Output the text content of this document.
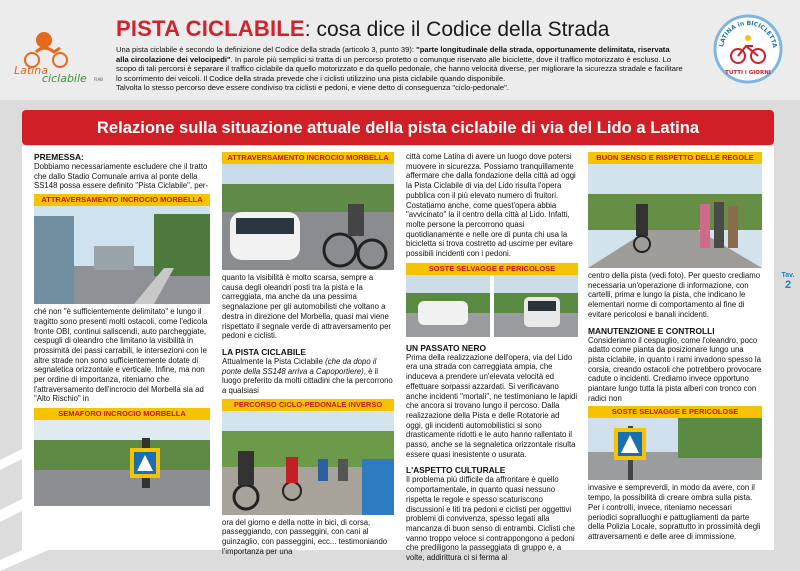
Latina
ciclabile FIAB
PISTA CICLABILE: cosa dice il Codice della Strada
Una pista ciclabile è secondo la definizione del Codice della strada (articolo 3, punto 39): "parte longitudinale della strada, opportunamente delimitata, riservata alla circolazione dei velocipedi". In parole più semplici si tratta di un percorso protetto o comunque riservato alle biciclette, dove il traffico motorizzato è escluso. Lo scopo di tali percorsi è separare il traffico ciclabile da quello motorizzato e da quello pedonale, che hanno velocità diverse, per migliorare la sicurezza stradale e facilitare lo scorrimento dei veicoli. Il Codice della strada prevede che i ciclisti utilizzino una pista ciclabile quando disponibile.
Talvolta lo stesso percorso deve essere condiviso tra ciclisti e pedoni, e viene detto di conseguenza "ciclo-pedonale".
LATINA in BICICLETTA
TUTTI i GIORNI
Relazione sulla situazione attuale della pista ciclabile di via del Lido a Latina
PREMESSA:

Dobbiamo necessariamente escludere che il tratto che dallo Stadio Comunale arriva al ponte della SS148 possa essere definito "Pista Ciclabile", per-

ATTRAVERSAMENTO INCROCIO MORBELLA

ché non "è sufficientemente delimitato" e lungo il tragitto sono presenti molti ostacoli, come l'edicola fronte OBI, continui saliscendi, auto parcheggiate, cespugli di oleandro che limitano la visibilità in prossimità dei passi carrabili, le intersezioni con le altre strade non sono sufficientemente dotate di segnaletica orizzontale e verticale. Infine, ma non per ordine di importanza, riteniamo che l'attraversamento dell'incrocio del Morbella sia ad "Alto Rischio" in

SEMAFORO INCROCIO MORBELLA
ATTRAVERSAMENTO INCROCIO MORBELLA

quanto la visibilità è molto scarsa, sempre a causa degli oleandri posti tra la pista e la carreggiata, ma anche da una pessima segnalazione per gli automobilisti che voltano a destra in direzione del Morbella, quasi mai viene rispettato il segnale verde di attraversamento per pedoni e ciclisti.

LA PISTA CICLABILE

Attualmente la Pista Ciclabile (che da dopo il ponte della SS148 arriva a Capoportiere), è il luogo preferito da molti cittadini che la percorrono a qualsiasi

PERCORSO CICLO-PEDONALE INVERSO

ora del giorno e della notte in bici, di corsa, passeggiando, con passeggini, con cani al guinzaglio, con passeggini, ecc... testimoniando l'importanza per una

città come Latina di avere un luogo dove potersi muovere in sicurezza. Possiamo tranquillamente affermare che dalla fondazione della città ad oggi la Pista Ciclabile di via del Lido risulta l'opera pubblica con il più elevato numero di fruitori. Costatiamo anche, come quest'opera abbia "avvicinato" la il centro della città al Lido. Infatti, molte persone la percorrono quasi quotidianamente e nelle ore di punta chi usa la bicicletta si trova costretto ad uscirne per evitare possibili incidenti con i pedoni.

SOSTE SELVAGGE E PERICOLOSE
UN PASSATO NERO

Prima della realizzazione dell'opera, via del Lido era una strada con carreggiata ampia, che induceva a prendere un'elevata velocità ed effettuare sorpassi azzardati. Si verificavano anche incidenti "mortali", ne testimoniano le lapidi che ancora si trovano lungo il percoso. Dalla realizzazione della Pista e delle Rotatorie ad oggi, gli incidenti automobilistici si sono drasticamente ridotti e le auto hanno rallentato il passo, anche se la segnaletica orizzontale risulta essere quasi inesistente o usurata.

L'ASPETTO CULTURALE

Il problema più difficile da affrontare è quello comportamentale, in quanto quasi nessuno rispetta le regole e spesso scaturiscono discussioni e liti tra pedoni e ciclisti per oggettivi problemi di convivenza, spesso legati alla mancanza di buon senso di entrambi. Ciclisti che vanno troppo veloce si contrappongono a pedoni che prediligono la passeggiata di gruppo e, a volte, addirittura ci si ferma al

BUON SENSO E RISPETTO DELLE REGOLE

centro della pista (vedi foto). Per questo crediamo necessaria un'operazione di informazione, con cartelli, prima e lungo la pista, che indicano le elementari norme di comportamento al fine di evitare pericolosi e banali incidenti.

MANUTENZIONE E CONTROLLI

Consideriamo il cespuglio, come l'oleandro, poco adatto come pianta da posizionare lungo una pista ciclabile, in quanto i rami invadono spesso la corsia, creando ostacoli che potrebbero provocare cadute o incidenti. Crediamo invece opportuno piantare lungo tutta la pista alberi con tronco con radici non

SOSTE SELVAGGE E PERICOLOSE

invasive e sempreverdi, in modo da avere, con il tempo, la possibilità di creare ombra sulla pista. Per i controlli, invece, riteniamo necessari periodici sopralluoghi e pattugliamenti da parte della Polizia Locale, soprattutto in prossimità degli attraversamenti e delle aree di immissione.

Tav.
2
